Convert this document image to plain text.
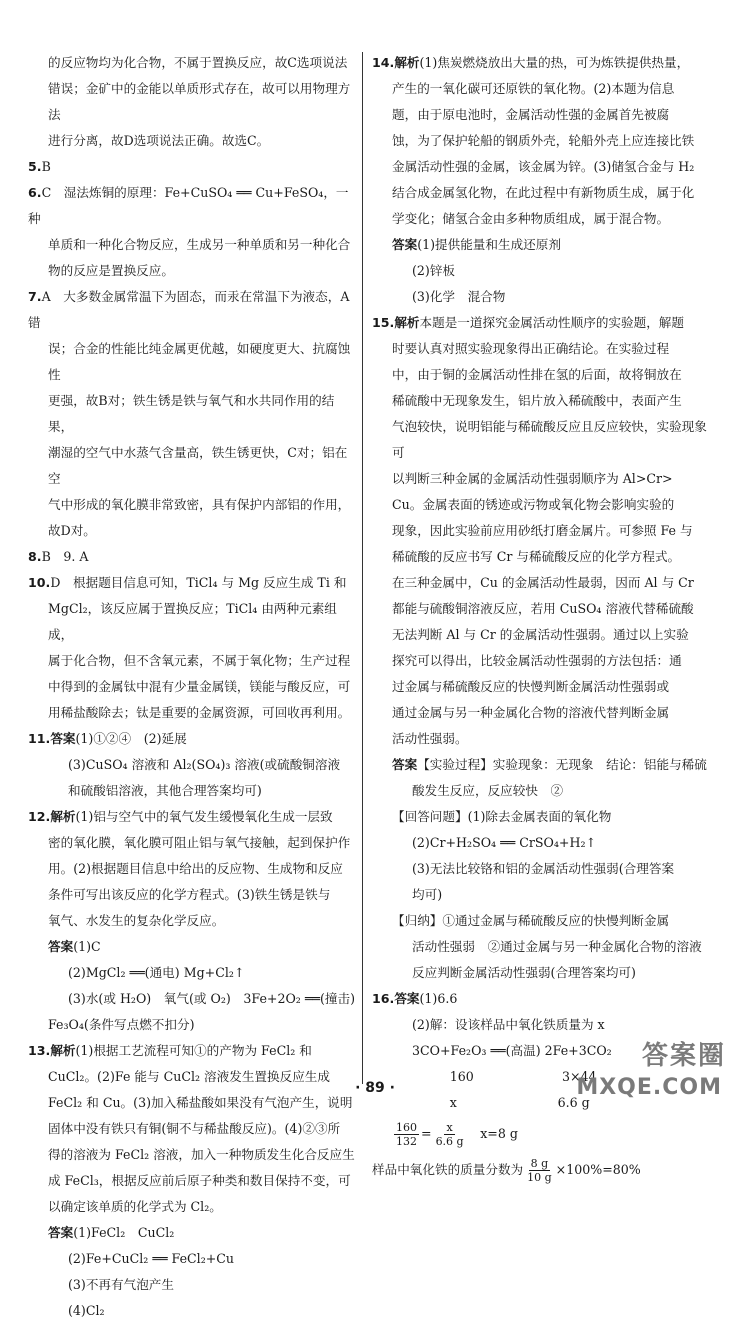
的反应物均为化合物，不属于置换反应，故C选项说法

错误；金矿中的金能以单质形式存在，故可以用物理方法

进行分离，故D选项说法正确。故选C。

5.B

6.C　湿法炼铜的原理：Fe+CuSO₄ ══ Cu+FeSO₄，一种

单质和一种化合物反应，生成另一种单质和另一种化合

物的反应是置换反应。

7.A　大多数金属常温下为固态，而汞在常温下为液态，A错

误；合金的性能比纯金属更优越，如硬度更大、抗腐蚀性

更强，故B对；铁生锈是铁与氧气和水共同作用的结果，

潮湿的空气中水蒸气含量高，铁生锈更快，C对；铝在空

气中形成的氧化膜非常致密，具有保护内部铝的作用，

故D对。

8.B　9. A

10.D　根据题目信息可知，TiCl₄ 与 Mg 反应生成 Ti 和

MgCl₂，该反应属于置换反应；TiCl₄ 由两种元素组成，

属于化合物，但不含氧元素，不属于氧化物；生产过程

中得到的金属钛中混有少量金属镁，镁能与酸反应，可

用稀盐酸除去；钛是重要的金属资源，可回收再利用。

11.答案(1)①②④　(2)延展

(3)CuSO₄ 溶液和 Al₂(SO₄)₃ 溶液(或硫酸铜溶液

和硫酸铝溶液，其他合理答案均可)

12.解析(1)铝与空气中的氧气发生缓慢氧化生成一层致

密的氧化膜，氧化膜可阻止铝与氧气接触，起到保护作

用。(2)根据题目信息中给出的反应物、生成物和反应

条件可写出该反应的化学方程式。(3)铁生锈是铁与

氧气、水发生的复杂化学反应。

答案(1)C

(2)MgCl₂ ══(通电) Mg+Cl₂↑

(3)水(或 H₂O)　氧气(或 O₂)　3Fe+2O₂ ══(撞击)

Fe₃O₄(条件写点燃不扣分)

13.解析(1)根据工艺流程可知①的产物为 FeCl₂ 和

CuCl₂。(2)Fe 能与 CuCl₂ 溶液发生置换反应生成

FeCl₂ 和 Cu。(3)加入稀盐酸如果没有气泡产生，说明

固体中没有铁只有铜(铜不与稀盐酸反应)。(4)②③所

得的溶液为 FeCl₂ 溶液，加入一种物质发生化合反应生

成 FeCl₃，根据反应前后原子种类和数目保持不变，可

以确定该单质的化学式为 Cl₂。

答案(1)FeCl₂　CuCl₂

(2)Fe+CuCl₂ ══ FeCl₂+Cu

(3)不再有气泡产生

(4)Cl₂

14.解析(1)焦炭燃烧放出大量的热，可为炼铁提供热量，

产生的一氧化碳可还原铁的氧化物。(2)本题为信息

题，由于原电池时，金属活动性强的金属首先被腐

蚀，为了保护轮船的钢质外壳，轮船外壳上应连接比铁

金属活动性强的金属，该金属为锌。(3)储氢合金与 H₂

结合成金属氢化物，在此过程中有新物质生成，属于化

学变化；储氢合金由多种物质组成，属于混合物。

答案(1)提供能量和生成还原剂

(2)锌板

(3)化学　混合物

15.解析本题是一道探究金属活动性顺序的实验题，解题

时要认真对照实验现象得出正确结论。在实验过程

中，由于铜的金属活动性排在氢的后面，故将铜放在

稀硫酸中无现象发生，铝片放入稀硫酸中，表面产生

气泡较快，说明铝能与稀硫酸反应且反应较快，实验现象可

以判断三种金属的金属活动性强弱顺序为 Al>Cr>

Cu。金属表面的锈迹或污物或氧化物会影响实验的

现象，因此实验前应用砂纸打磨金属片。可参照 Fe 与

稀硫酸的反应书写 Cr 与稀硫酸反应的化学方程式。

在三种金属中，Cu 的金属活动性最弱，因而 Al 与 Cr

都能与硫酸铜溶液反应，若用 CuSO₄ 溶液代替稀硫酸

无法判断 Al 与 Cr 的金属活动性强弱。通过以上实验

探究可以得出，比较金属活动性强弱的方法包括：通

过金属与稀硫酸反应的快慢判断金属活动性强弱或

通过金属与另一种金属化合物的溶液代替判断金属

活动性强弱。

答案【实验过程】实验现象：无现象　结论：铝能与稀硫

酸发生反应，反应较快　②

【回答问题】(1)除去金属表面的氧化物

(2)Cr+H₂SO₄ ══ CrSO₄+H₂↑

(3)无法比较铬和铝的金属活动性强弱(合理答案

均可)

【归纳】①通过金属与稀硫酸反应的快慢判断金属

活动性强弱　②通过金属与另一种金属化合物的溶液

反应判断金属活动性强弱(合理答案均可)

16.答案(1)6.6

(2)解：设该样品中氧化铁质量为 x

3CO+Fe₂O₃ ══(高温) 2Fe+3CO₂

　　　160　　　　　　　3×44

　　　x　　　　　　　　6.6 g

$\frac{160}{132} = \frac{x}{6.6 g}$ 　x=8 g
样品中氧化铁的质量分数为 $\frac{8 g}{10 g} \times 100\%=80\%$
· 89 ·
答案圈
MXQE.COM
